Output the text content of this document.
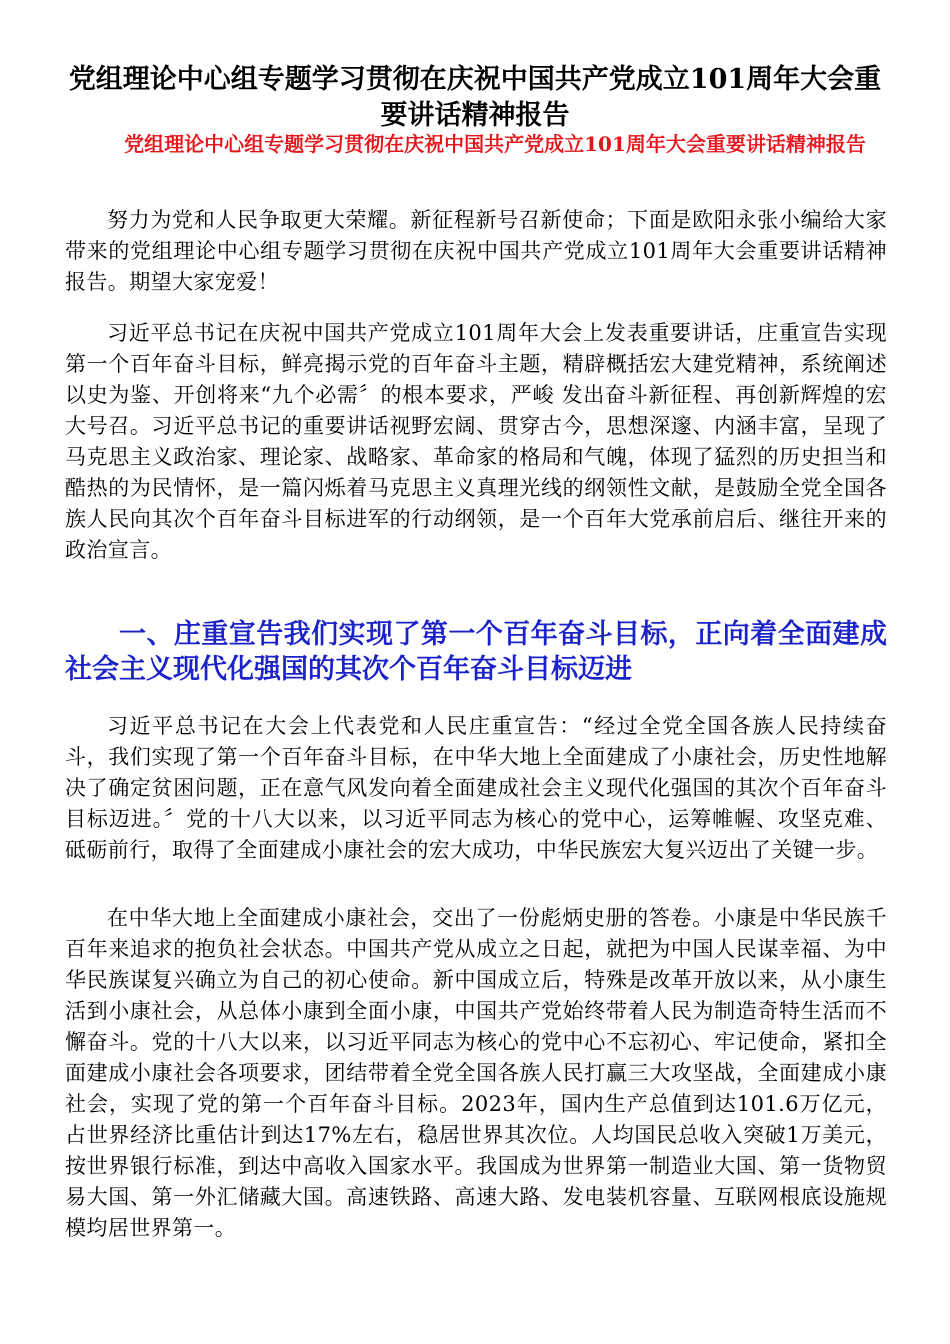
党组理论中心组专题学习贯彻在庆祝中国共产党成立101周年大会重要讲话精神报告
党组理论中心组专题学习贯彻在庆祝中国共产党成立101周年大会重要讲话精神报告

努力为党和人民争取更大荣耀。新征程新号召新使命；下面是欧阳永张小编给大家带来的党组理论中心组专题学习贯彻在庆祝中国共产党成立101周年大会重要讲话精神报告。期望大家宠爱！

习近平总书记在庆祝中国共产党成立101周年大会上发表重要讲话，庄重宣告实现第一个百年奋斗目标，鲜亮揭示党的百年奋斗主题，精辟概括宏大建党精神，系统阐述以史为鉴、开创将来“九个必需〞的根本要求，严峻 发出奋斗新征程、再创新辉煌的宏大号召。习近平总书记的重要讲话视野宏阔、贯穿古今，思想深邃、内涵丰富，呈现了马克思主义政治家、理论家、战略家、革命家的格局和气魄，体现了猛烈的历史担当和酷热的为民情怀，是一篇闪烁着马克思主义真理光线的纲领性文献，是鼓励全党全国各族人民向其次个百年奋斗目标进军的行动纲领，是一个百年大党承前启后、继往开来的政治宣言。

一、庄重宣告我们实现了第一个百年奋斗目标，正向着全面建成社会主义现代化强国的其次个百年奋斗目标迈进

习近平总书记在大会上代表党和人民庄重宣告：“经过全党全国各族人民持续奋斗，我们实现了第一个百年奋斗目标，在中华大地上全面建成了小康社会，历史性地解决了确定贫困问题，正在意气风发向着全面建成社会主义现代化强国的其次个百年奋斗目标迈进。〞党的十八大以来，以习近平同志为核心的党中心，运筹帷幄、攻坚克难、砥砺前行，取得了全面建成小康社会的宏大成功，中华民族宏大复兴迈出了关键一步。

在中华大地上全面建成小康社会，交出了一份彪炳史册的答卷。小康是中华民族千百年来追求的抱负社会状态。中国共产党从成立之日起，就把为中国人民谋幸福、为中华民族谋复兴确立为自己的初心使命。新中国成立后，特殊是改革开放以来，从小康生活到小康社会，从总体小康到全面小康，中国共产党始终带着人民为制造奇特生活而不懈奋斗。党的十八大以来，以习近平同志为核心的党中心不忘初心、牢记使命，紧扣全面建成小康社会各项要求，团结带着全党全国各族人民打赢三大攻坚战，全面建成小康社会，实现了党的第一个百年奋斗目标。2023年，国内生产总值到达101.6万亿元，占世界经济比重估计到达17%左右，稳居世界其次位。人均国民总收入突破1万美元，按世界银行标准，到达中高收入国家水平。我国成为世界第一制造业大国、第一货物贸易大国、第一外汇储藏大国。高速铁路、高速大路、发电装机容量、互联网根底设施规模均居世界第一。
